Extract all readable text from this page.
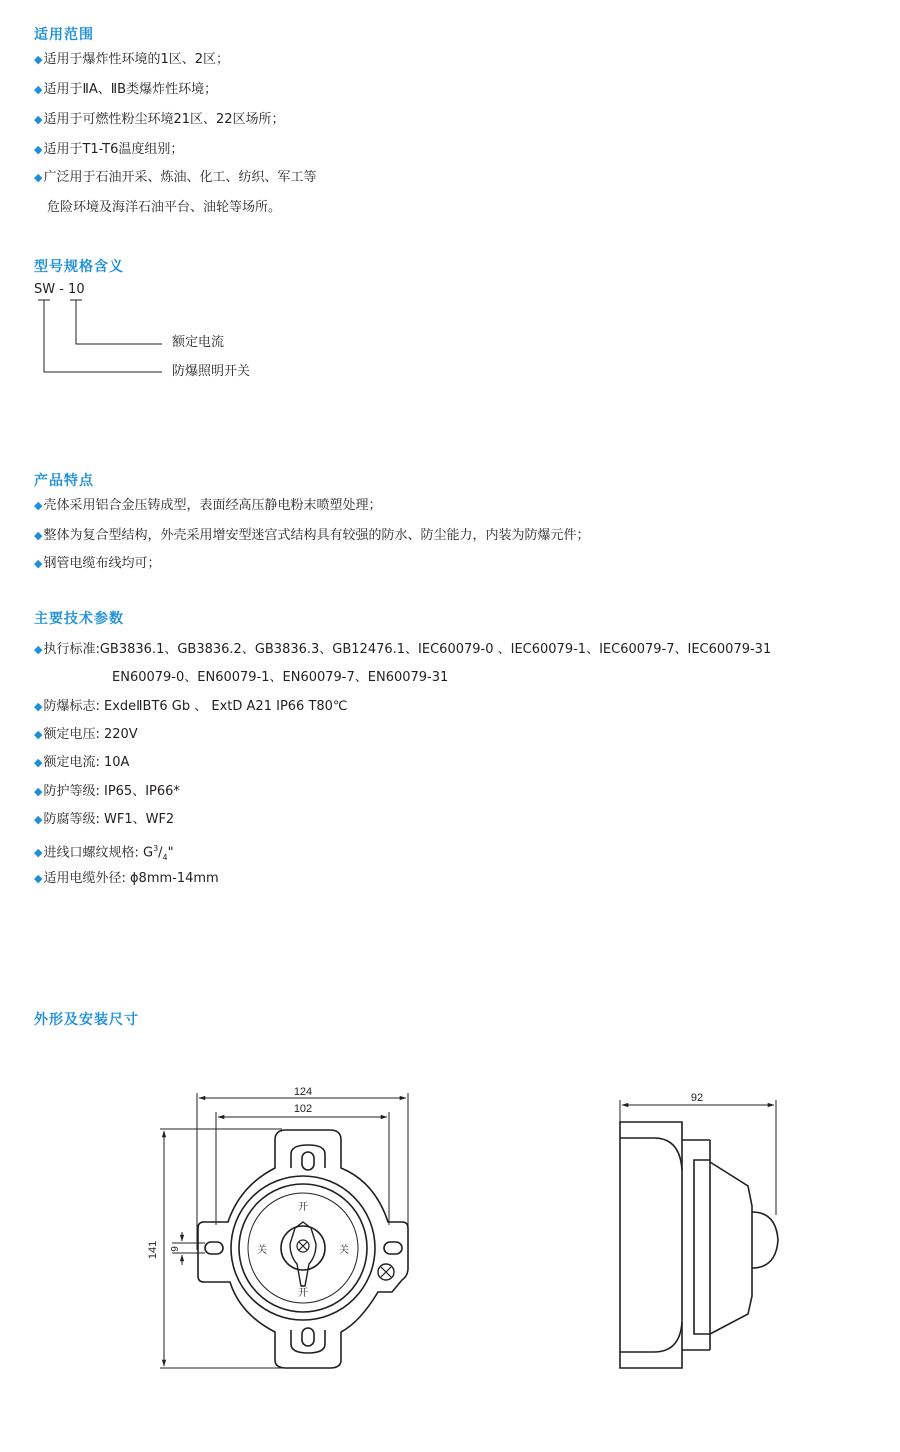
适用范围

◆适用于爆炸性环境的1区、2区；

◆适用于ⅡA、ⅡB类爆炸性环境；

◆适用于可燃性粉尘环境21区、22区场所；

◆适用于T1-T6温度组别；

◆广泛用于石油开采、炼油、化工、纺织、军工等

危险环境及海洋石油平台、油轮等场所。

型号规格含义

SW - 10

额定电流

防爆照明开关

产品特点

◆壳体采用铝合金压铸成型，表面经高压静电粉末喷塑处理；

◆整体为复合型结构，外壳采用增安型迷宫式结构具有较强的防水、防尘能力，内装为防爆元件；

◆钢管电缆布线均可；

主要技术参数

◆执行标准:GB3836.1、GB3836.2、GB3836.3、GB12476.1、IEC60079-0 、IEC60079-1、IEC60079-7、IEC60079-31

EN60079-0、EN60079-1、EN60079-7、EN60079-31

◆防爆标志: ExdeⅡBT6 Gb 、 ExtD A21 IP66 T80℃

◆额定电压: 220V

◆额定电流: 10A

◆防护等级: IP65、IP66*

◆防腐等级: WF1、WF2

◆进线口螺纹规格: $G^3/_4$"

◆适用电缆外径: ϕ8mm-14mm

外形及安装尺寸
124
102
141 9
开
开
关	关
92
